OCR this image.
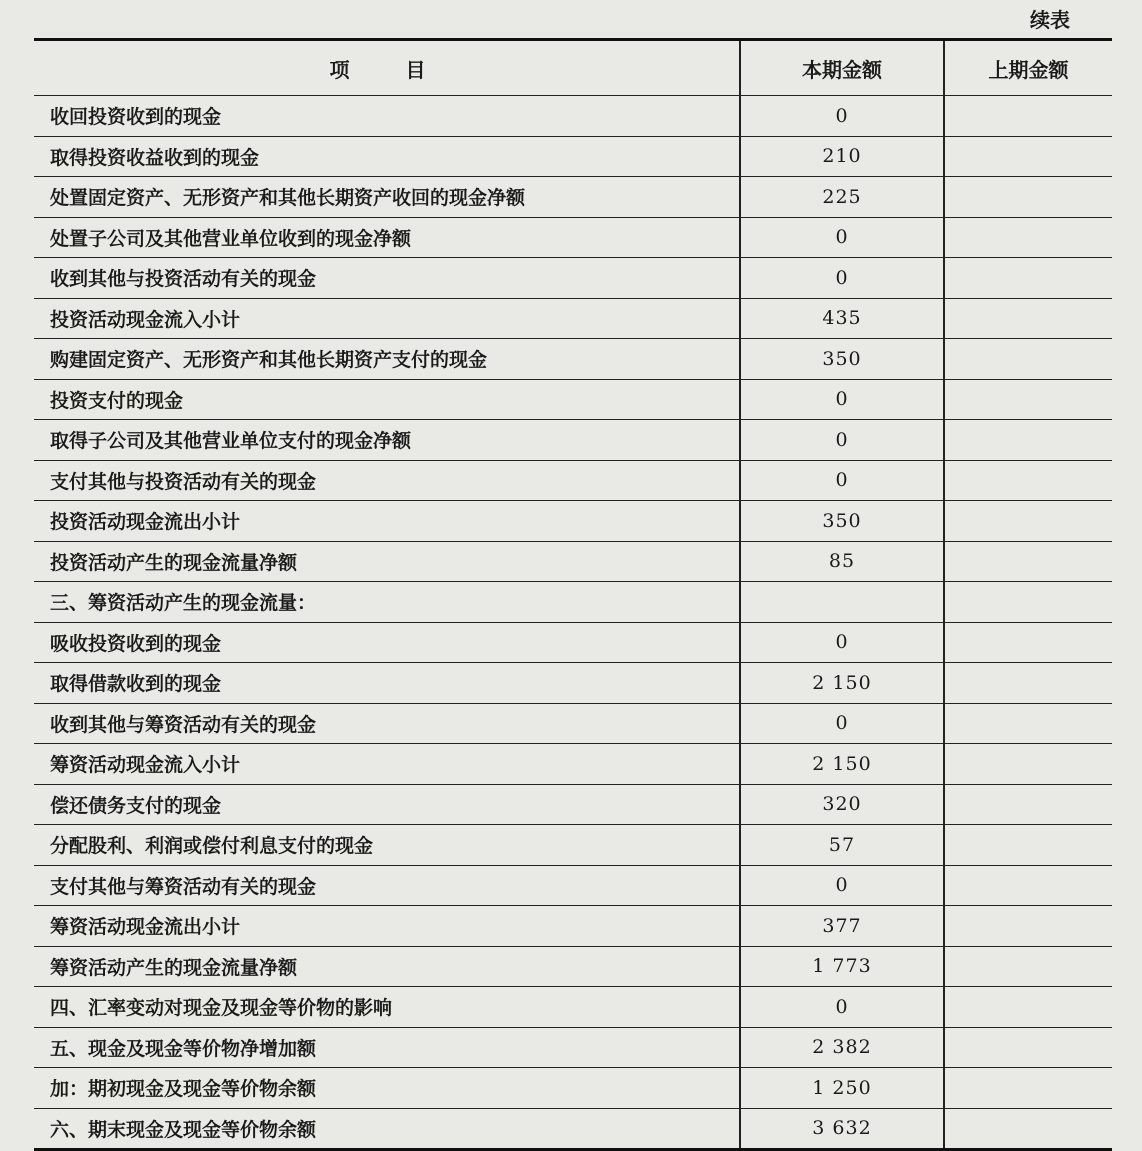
续表
项　目	本期金额	上期金额
收回投资收到的现金	0	
取得投资收益收到的现金	210	
处置固定资产、无形资产和其他长期资产收回的现金净额	225	
处置子公司及其他营业单位收到的现金净额	0	
收到其他与投资活动有关的现金	0	
投资活动现金流入小计	435	
购建固定资产、无形资产和其他长期资产支付的现金	350	
投资支付的现金	0	
取得子公司及其他营业单位支付的现金净额	0	
支付其他与投资活动有关的现金	0	
投资活动现金流出小计	350	
投资活动产生的现金流量净额	85	
三、筹资活动产生的现金流量：		
吸收投资收到的现金	0	
取得借款收到的现金	2 150	
收到其他与筹资活动有关的现金	0	
筹资活动现金流入小计	2 150	
偿还债务支付的现金	320	
分配股利、利润或偿付利息支付的现金	57	
支付其他与筹资活动有关的现金	0	
筹资活动现金流出小计	377	
筹资活动产生的现金流量净额	1 773	
四、汇率变动对现金及现金等价物的影响	0	
五、现金及现金等价物净增加额	2 382	
加：期初现金及现金等价物余额	1 250	
六、期末现金及现金等价物余额	3 632	
